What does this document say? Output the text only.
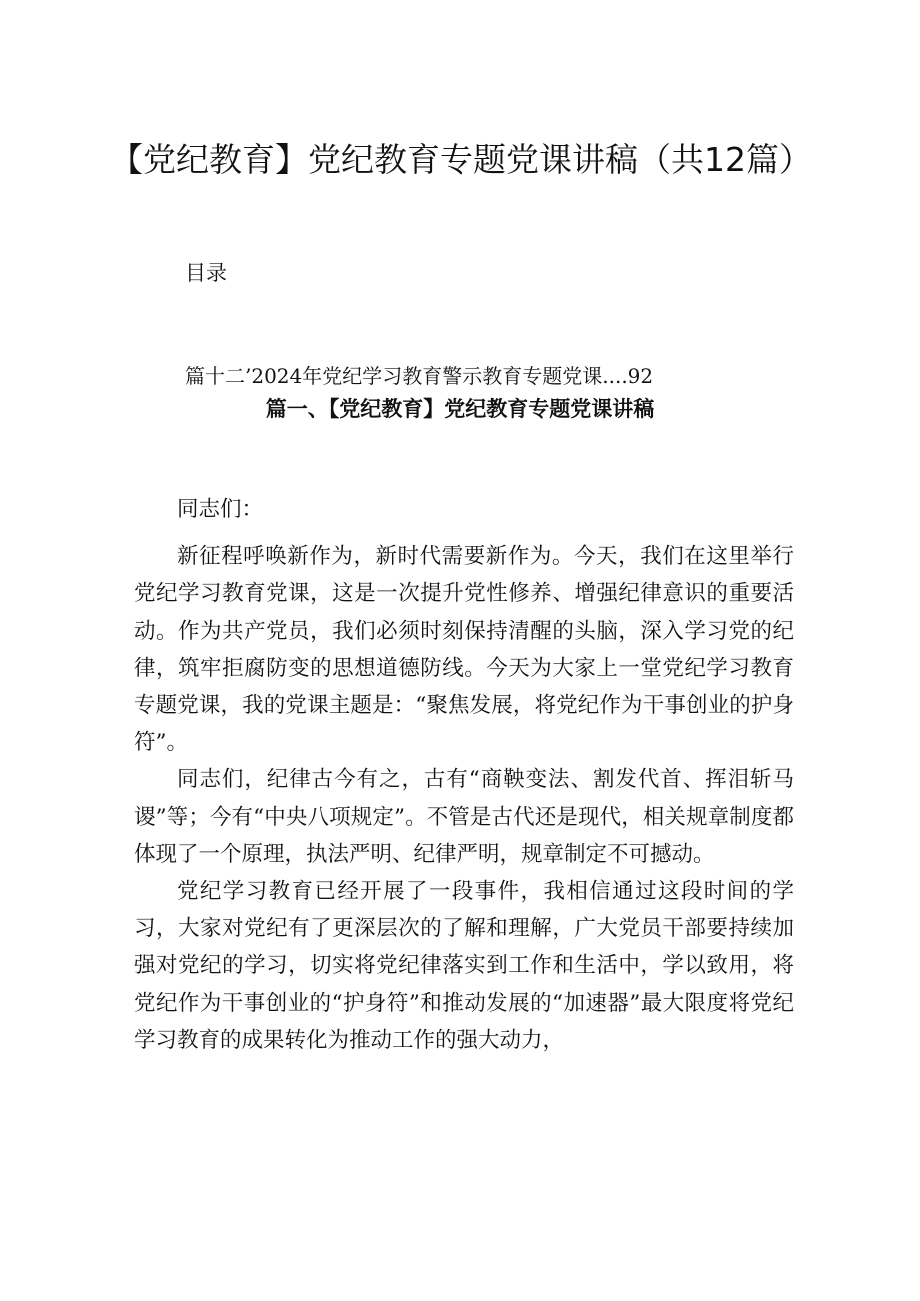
【党纪教育】党纪教育专题党课讲稿（共12篇）

目录

篇十二’2024年党纪学习教育警示教育专题党课....92

篇一、【党纪教育】党纪教育专题党课讲稿

同志们：

新征程呼唤新作为，新时代需要新作为。今天，我们在这里举行党纪学习教育党课，这是一次提升党性修养、增强纪律意识的重要活动。作为共产党员，我们必须时刻保持清醒的头脑，深入学习党的纪律，筑牢拒腐防变的思想道德防线。今天为大家上一堂党纪学习教育专题党课，我的党课主题是：“聚焦发展，将党纪作为干事创业的护身符”。

同志们，纪律古今有之，古有“商鞅变法、割发代首、挥泪斩马谡”等；今有“中央八项规定”。不管是古代还是现代，相关规章制度都体现了一个原理，执法严明、纪律严明，规章制定不可撼动。

党纪学习教育已经开展了一段事件，我相信通过这段时间的学习，大家对党纪有了更深层次的了解和理解，广大党员干部要持续加强对党纪的学习，切实将党纪律落实到工作和生活中，学以致用，将党纪作为干事创业的“护身符”和推动发展的“加速器”最大限度将党纪学习教育的成果转化为推动工作的强大动力，
